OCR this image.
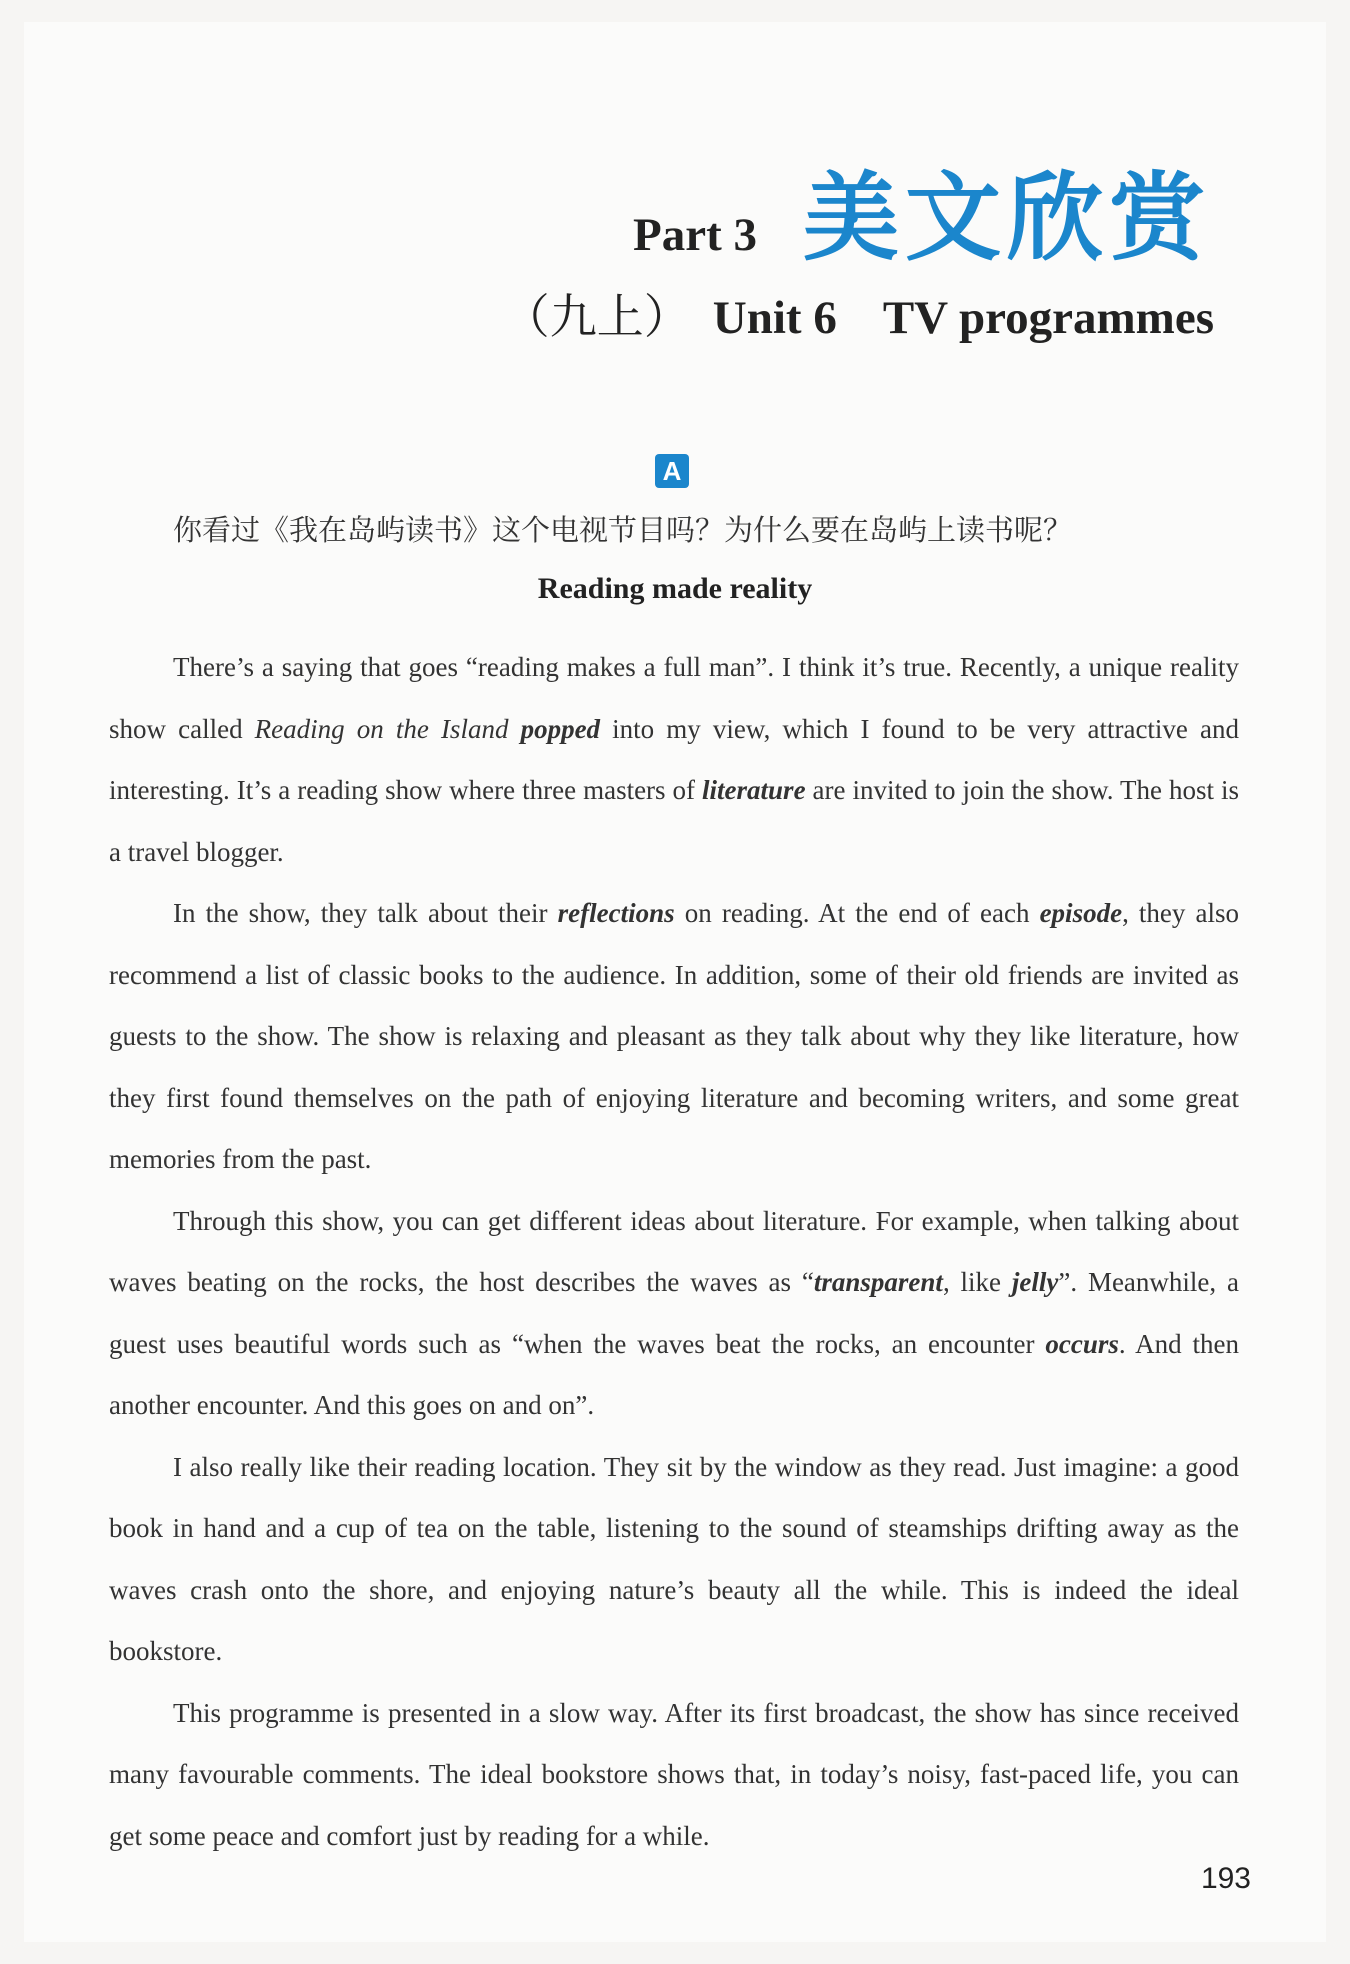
Part 3 美文欣赏
（九上） Unit 6 TV programmes
A
你看过《我在岛屿读书》这个电视节目吗？为什么要在岛屿上读书呢？
Reading made reality

There’s a saying that goes “reading makes a full man”. I think it’s true. Recently, a unique reality show called Reading on the Island popped into my view, which I found to be very attractive and interesting. It’s a reading show where three masters of literature are invited to join the show. The host is a travel blogger.

In the show, they talk about their reflections on reading. At the end of each episode, they also recommend a list of classic books to the audience. In addition, some of their old friends are invited as guests to the show. The show is relaxing and pleasant as they talk about why they like literature, how they first found themselves on the path of enjoying literature and becoming writers, and some great memories from the past.

Through this show, you can get different ideas about literature. For example, when talking about waves beating on the rocks, the host describes the waves as “transparent, like jelly”. Meanwhile, a guest uses beautiful words such as “when the waves beat the rocks, an encounter occurs. And then another encounter. And this goes on and on”.

I also really like their reading location. They sit by the window as they read. Just imagine: a good book in hand and a cup of tea on the table, listening to the sound of steamships drifting away as the waves crash onto the shore, and enjoying nature’s beauty all the while. This is indeed the ideal bookstore.

This programme is presented in a slow way. After its first broadcast, the show has since received many favourable comments. The ideal bookstore shows that, in today’s noisy, fast-paced life, you can get some peace and comfort just by reading for a while.

193
